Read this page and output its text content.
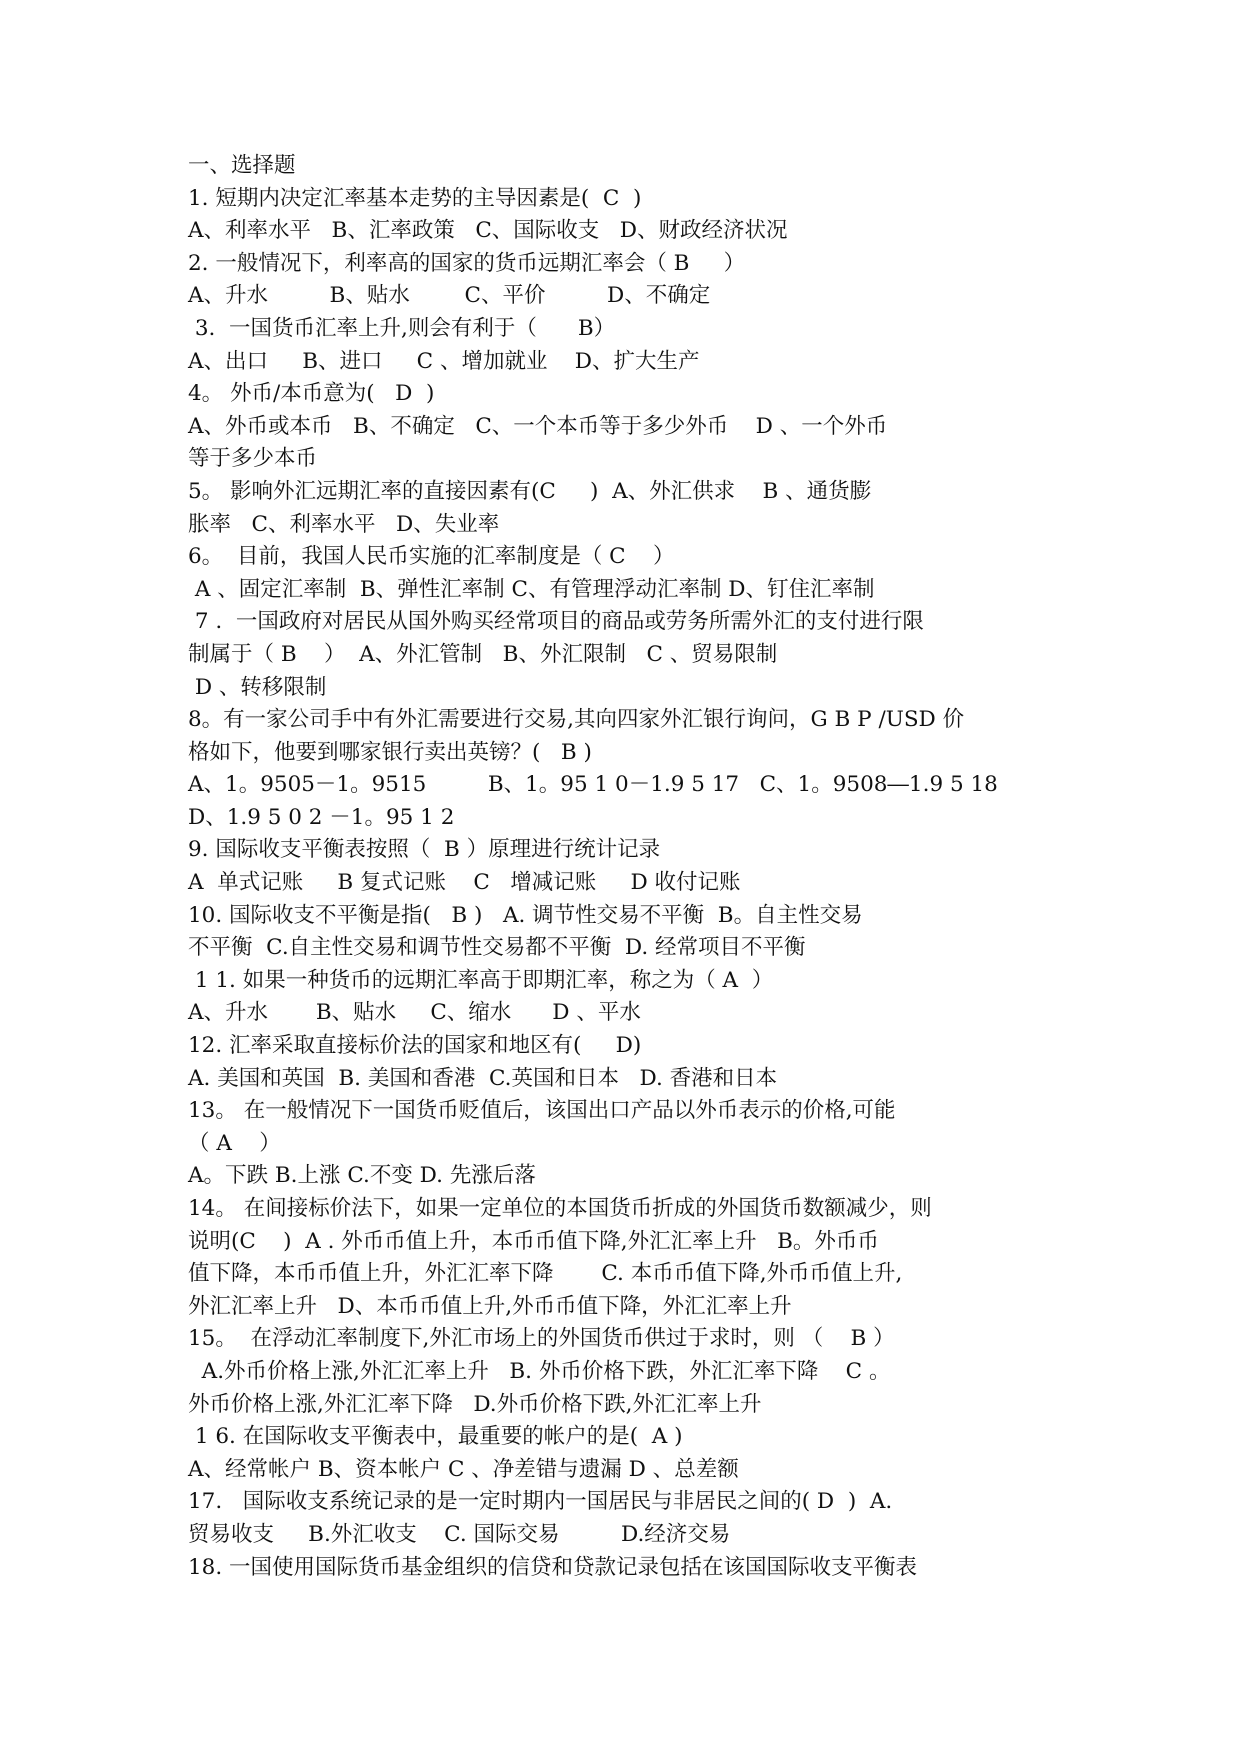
一、选择题
1. 短期内决定汇率基本走势的主导因素是(  C  )
A、利率水平   B、汇率政策   C、国际收支   D、财政经济状况
2. 一般情况下，利率高的国家的货币远期汇率会（ B     ）
A、升水         B、贴水        C、平价         D、不确定
3.  一国货币汇率上升,则会有利于（      B）
A、出口     B、进口     C 、增加就业    D、扩大生产
4。 外币/本币意为(   D  )
A、外币或本币   B、不确定   C、一个本币等于多少外币    D 、一个外币
等于多少本币
5。 影响外汇远期汇率的直接因素有(C     )  A、外汇供求    B 、通货膨
胀率   C、利率水平   D、失业率
6。  目前，我国人民币实施的汇率制度是（ C    ）
A 、固定汇率制  B、弹性汇率制 C、有管理浮动汇率制 D、钉住汇率制
7 .  一国政府对居民从国外购买经常项目的商品或劳务所需外汇的支付进行限
制属于（ B    ）  A、外汇管制   B、外汇限制   C 、贸易限制
D 、转移限制
8。有一家公司手中有外汇需要进行交易,其向四家外汇银行询问，G B P /USD 价
格如下，他要到哪家银行卖出英镑？(   B )
A、1。9505－1。9515         B、1。95 1 0－1.9 5 17   C、1。9508―1.9 5 18
D、1.9 5 0 2 －1。95 1 2
9. 国际收支平衡表按照（  B ）原理进行统计记录
A  单式记账     B 复式记账    C   增减记账     D 收付记账
10. 国际收支不平衡是指(   B )   A. 调节性交易不平衡  B。自主性交易
不平衡  C.自主性交易和调节性交易都不平衡  D. 经常项目不平衡
1 1. 如果一种货币的远期汇率高于即期汇率，称之为（ A  ）
A、升水       B、贴水     C、缩水      D 、平水
12. 汇率采取直接标价法的国家和地区有(     D)
A. 美国和英国  B. 美国和香港  C.英国和日本   D. 香港和日本
13。 在一般情况下一国货币贬值后，该国出口产品以外币表示的价格,可能
（ A    ）
A。下跌 B.上涨 C.不变 D. 先涨后落
14。 在间接标价法下，如果一定单位的本国货币折成的外国货币数额减少，则
说明(C    )  A . 外币币值上升，本币币值下降,外汇汇率上升   B。外币币
值下降，本币币值上升，外汇汇率下降       C. 本币币值下降,外币币值上升,
外汇汇率上升   D、本币币值上升,外币币值下降，外汇汇率上升
15。  在浮动汇率制度下,外汇市场上的外国货币供过于求时，则 （    B ）
A.外币价格上涨,外汇汇率上升   B. 外币价格下跌，外汇汇率下降    C 。
外币价格上涨,外汇汇率下降   D.外币价格下跌,外汇汇率上升
1 6. 在国际收支平衡表中，最重要的帐户的是(  A )
A、经常帐户 B、资本帐户 C 、净差错与遗漏 D 、总差额
17.   国际收支系统记录的是一定时期内一国居民与非居民之间的( D  )  A.
贸易收支     B.外汇收支    C. 国际交易         D.经济交易
18. 一国使用国际货币基金组织的信贷和贷款记录包括在该国国际收支平衡表
